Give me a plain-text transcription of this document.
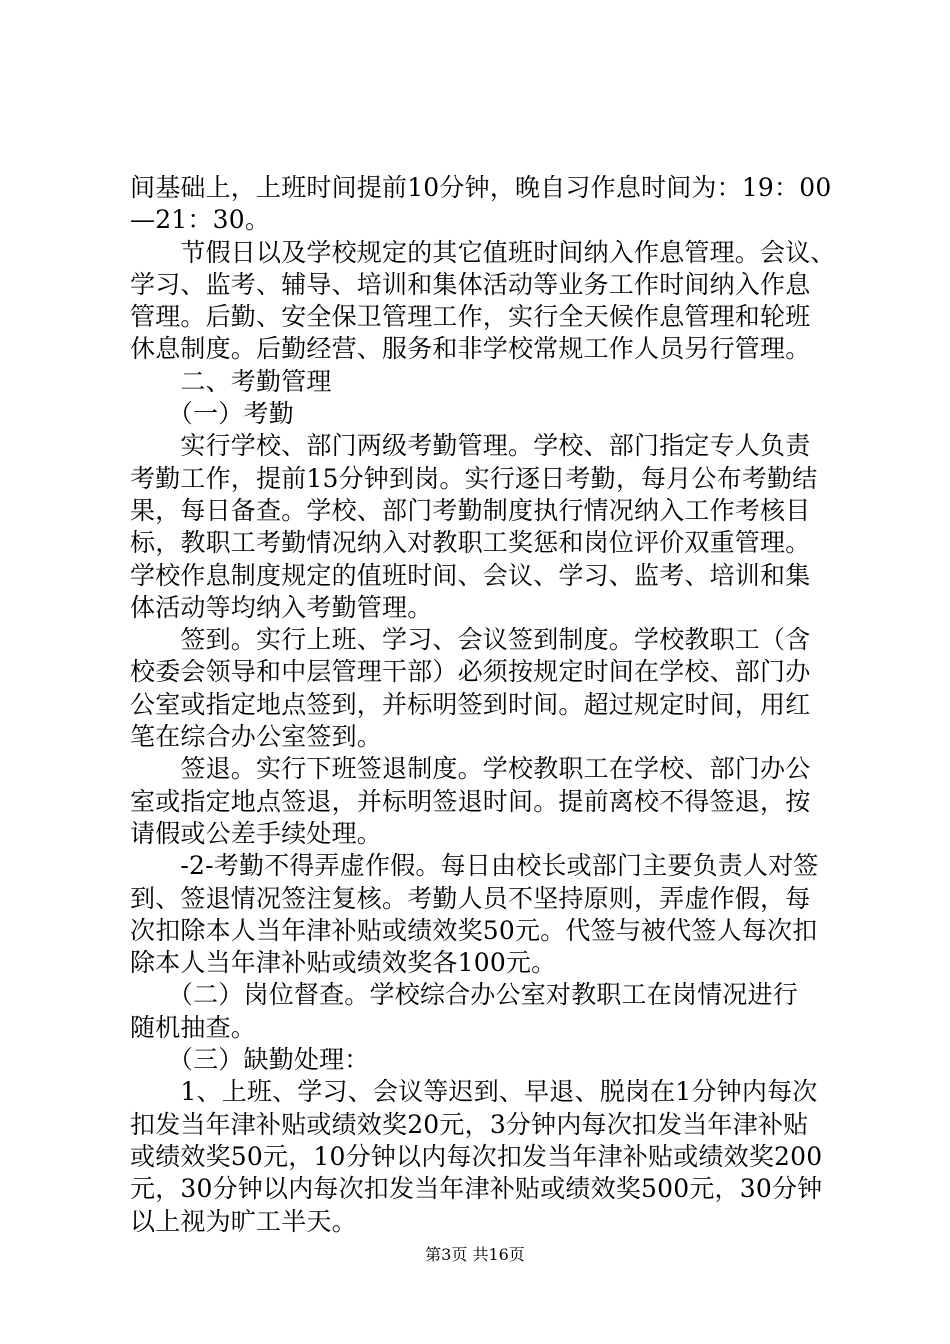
间基础上，上班时间提前10分钟，晚自习作息时间为：19：00
—21：30。
　　节假日以及学校规定的其它值班时间纳入作息管理。会议、
学习、监考、辅导、培训和集体活动等业务工作时间纳入作息
管理。后勤、安全保卫管理工作，实行全天候作息管理和轮班
休息制度。后勤经营、服务和非学校常规工作人员另行管理。
　　二、考勤管理
　　（一）考勤
　　实行学校、部门两级考勤管理。学校、部门指定专人负责
考勤工作，提前15分钟到岗。实行逐日考勤，每月公布考勤结
果，每日备查。学校、部门考勤制度执行情况纳入工作考核目
标，教职工考勤情况纳入对教职工奖惩和岗位评价双重管理。
学校作息制度规定的值班时间、会议、学习、监考、培训和集
体活动等均纳入考勤管理。
　　签到。实行上班、学习、会议签到制度。学校教职工（含
校委会领导和中层管理干部）必须按规定时间在学校、部门办
公室或指定地点签到，并标明签到时间。超过规定时间，用红
笔在综合办公室签到。
　　签退。实行下班签退制度。学校教职工在学校、部门办公
室或指定地点签退，并标明签退时间。提前离校不得签退，按
请假或公差手续处理。
　　-2-考勤不得弄虚作假。每日由校长或部门主要负责人对签
到、签退情况签注复核。考勤人员不坚持原则，弄虚作假，每
次扣除本人当年津补贴或绩效奖50元。代签与被代签人每次扣
除本人当年津补贴或绩效奖各100元。
　　（二）岗位督查。学校综合办公室对教职工在岗情况进行
随机抽查。
　　（三）缺勤处理：
　　1、上班、学习、会议等迟到、早退、脱岗在1分钟内每次
扣发当年津补贴或绩效奖20元，3分钟内每次扣发当年津补贴
或绩效奖50元，10分钟以内每次扣发当年津补贴或绩效奖200
元，30分钟以内每次扣发当年津补贴或绩效奖500元，30分钟
以上视为旷工半天。
第3页 共16页
